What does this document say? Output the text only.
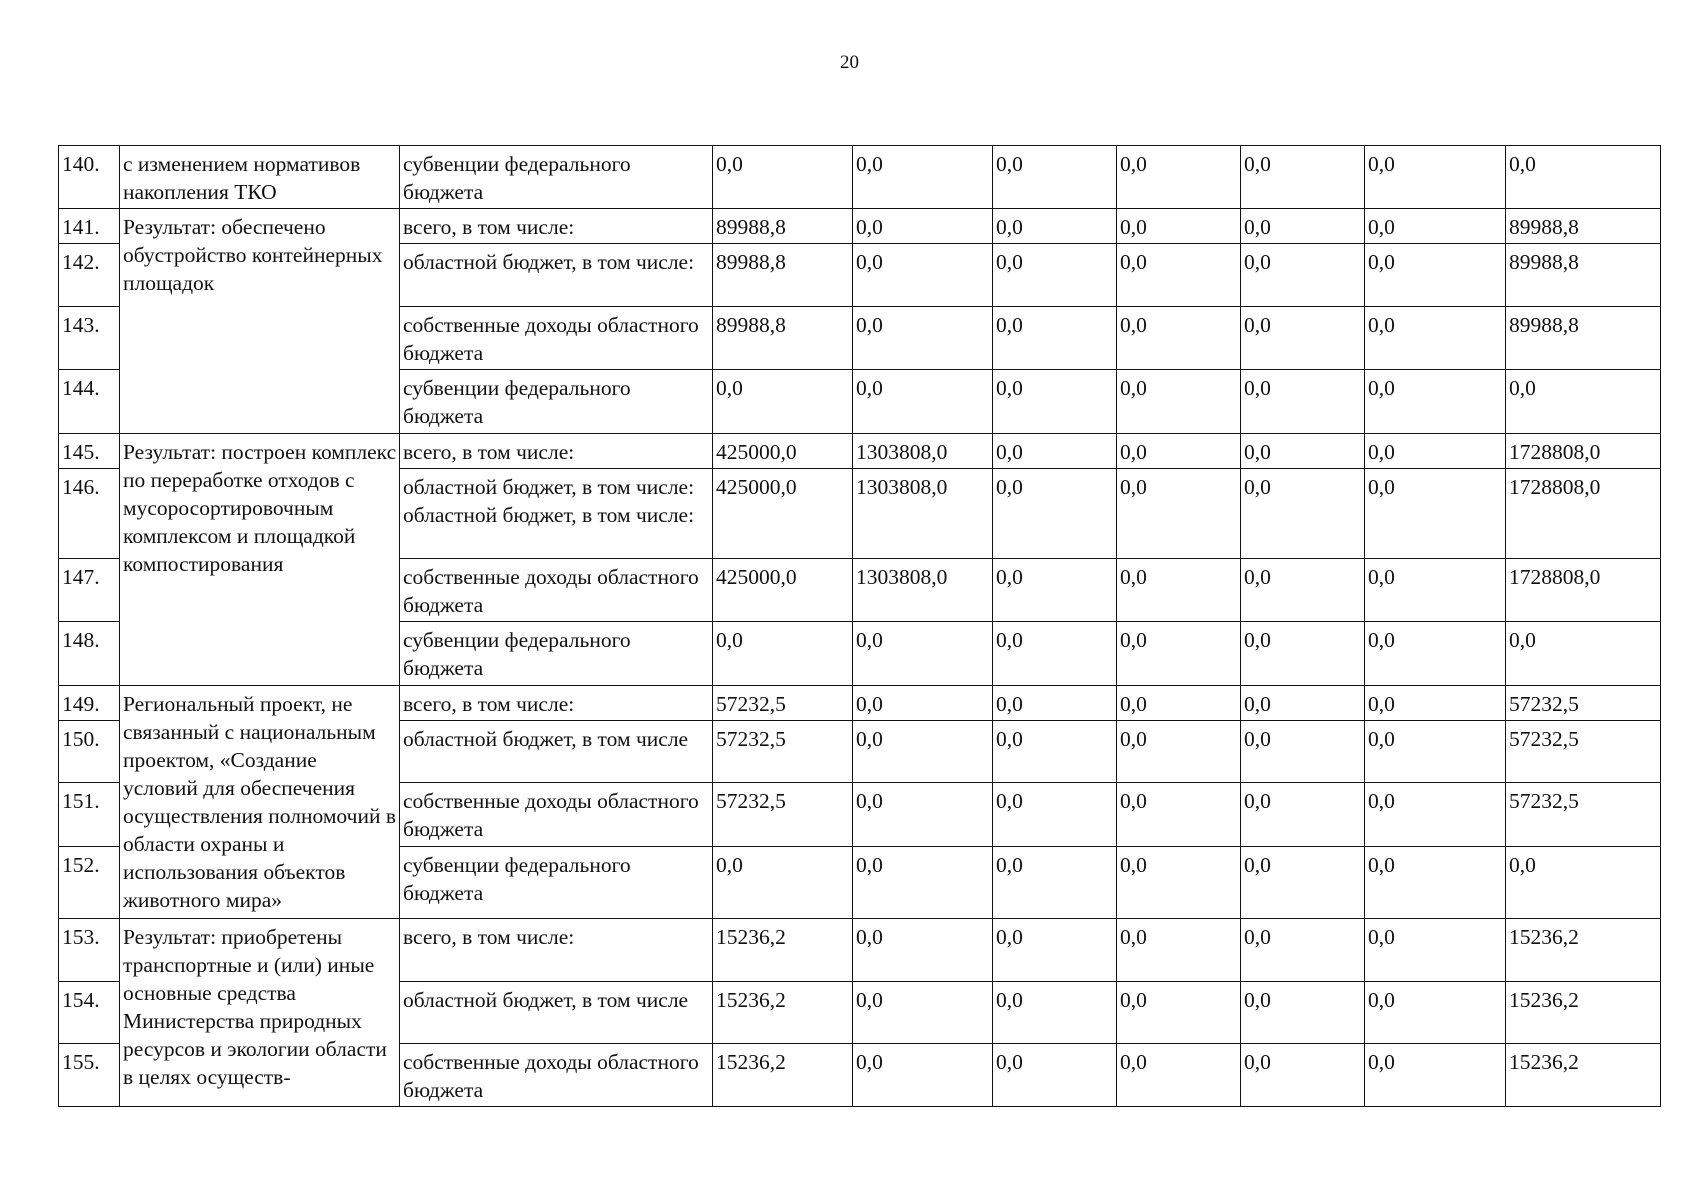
20
140.	с изменением нормативов накопления ТКО	субвенции федерального бюджета	0,0	0,0	0,0	0,0	0,0	0,0	0,0
141.	Результат: обеспечено обустройство контейнерных площадок	всего, в том числе:	89988,8	0,0	0,0	0,0	0,0	0,0	89988,8
142.		областной бюджет, в том числе:	89988,8	0,0	0,0	0,0	0,0	0,0	89988,8
143.		собственные доходы областного бюджета	89988,8	0,0	0,0	0,0	0,0	0,0	89988,8
144.		субвенции федерального бюджета	0,0	0,0	0,0	0,0	0,0	0,0	0,0
145.	Результат: построен комплекс по переработке отходов с мусоросортировочным комплексом и площадкой компостирования	всего, в том числе:	425000,0	1303808,0	0,0	0,0	0,0	0,0	1728808,0
146.		областной бюджет, в том числе: областной бюджет, в том числе:	425000,0	1303808,0	0,0	0,0	0,0	0,0	1728808,0
147.		собственные доходы областного бюджета	425000,0	1303808,0	0,0	0,0	0,0	0,0	1728808,0
148.		субвенции федерального бюджета	0,0	0,0	0,0	0,0	0,0	0,0	0,0
149.	Региональный проект, не связанный с национальным проектом, «Создание условий для обеспечения осуществления полномочий в области охраны и использования объектов животного мира»	всего, в том числе:	57232,5	0,0	0,0	0,0	0,0	0,0	57232,5
150.		областной бюджет, в том числе	57232,5	0,0	0,0	0,0	0,0	0,0	57232,5
151.		собственные доходы областного бюджета	57232,5	0,0	0,0	0,0	0,0	0,0	57232,5
152.		субвенции федерального бюджета	0,0	0,0	0,0	0,0	0,0	0,0	0,0
153.	Результат: приобретены транспортные и (или) иные основные средства Министерства природных ресурсов и экологии области в целях осуществ-	всего, в том числе:	15236,2	0,0	0,0	0,0	0,0	0,0	15236,2
154.		областной бюджет, в том числе	15236,2	0,0	0,0	0,0	0,0	0,0	15236,2
155.		собственные доходы областного бюджета	15236,2	0,0	0,0	0,0	0,0	0,0	15236,2
